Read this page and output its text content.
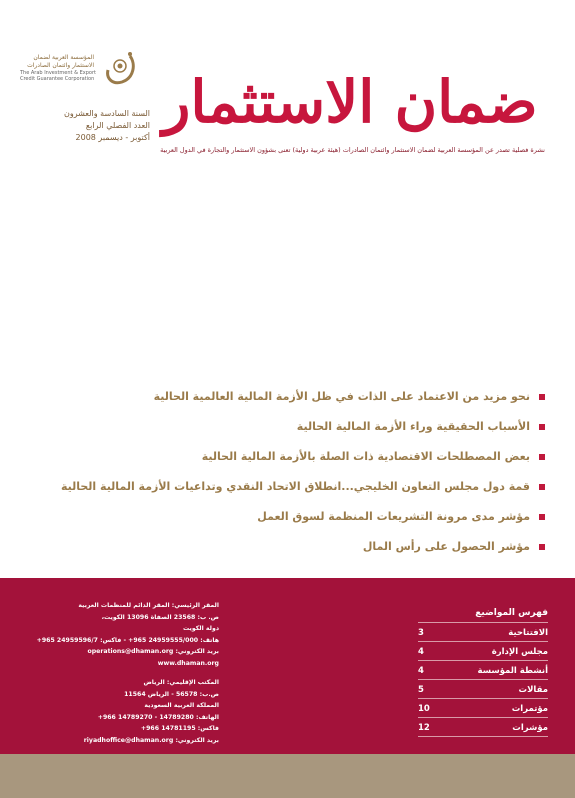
المؤسسة العربية لضمان
الاستثمار وائتمان الصادرات
The Arab Investment & Export
Credit Guarantee Corporation
السنة السادسة والعشرون
العدد الفصلي الرابع
أكتوبر - ديسمبر 2008
ضمان الاستثمار
نشرة فصلية تصدر عن المؤسسة العربية لضمان الاستثمار وائتمان الصادرات (هيئة عربية دولية) تعنى بشؤون الاستثمار والتجارة في الدول العربية
نحو مزيد من الاعتماد على الذات في ظل الأزمة المالية العالمية الحالية
الأسباب الحقيقية وراء الأزمة المالية الحالية
بعض المصطلحات الاقتصادية ذات الصلة بالأزمة المالية الحالية
قمة دول مجلس التعاون الخليجي...انطلاق الاتحاد النقدي وتداعيات الأزمة المالية الحالية
مؤشر مدى مرونة التشريعات المنظمة لسوق العمل
مؤشر الحصول على رأس المال
المقر الرئيسي: المقر الدائم للمنظمات العربية
ص. ب: 23568 الصفاة 13096 الكويت،
دولة الكويت
هاتف: 24959555/000 965+ - فاكس: 24959596/7 965+
بريد الكتروني: operations@dhaman.org
www.dhaman.org
المكتب الإقليمي: الرياض
ص.ب: 56578 - الرياض 11564
المملكة العربية السعودية
الهاتف: 14789280 - 14789270 966+
فاكس: 14781195 966+
بريد الكتروني: riyadhoffice@dhaman.org
فهرس المواضيع
الافتتاحية
3
مجلس الإدارة
4
أنشطة المؤسسة
4
مقالات
5
مؤتمرات
10
مؤشرات
12
